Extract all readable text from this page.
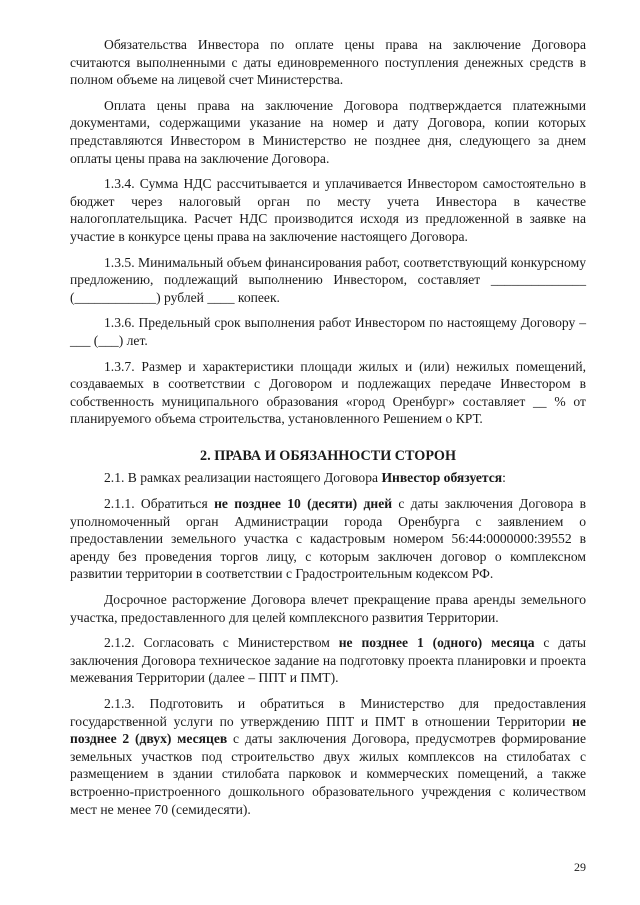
Обязательства Инвестора по оплате цены права на заключение Договора считаются выполненными с даты единовременного поступления денежных средств в полном объеме на лицевой счет Министерства.

Оплата цены права на заключение Договора подтверждается платежными документами, содержащими указание на номер и дату Договора, копии которых представляются Инвестором в Министерство не позднее дня, следующего за днем оплаты цены права на заключение Договора.

1.3.4. Сумма НДС рассчитывается и уплачивается Инвестором самостоятельно в бюджет через налоговый орган по месту учета Инвестора в качестве налогоплательщика. Расчет НДС производится исходя из предложенной в заявке на участие в конкурсе цены права на заключение настоящего Договора.

1.3.5. Минимальный объем финансирования работ, соответствующий конкурсному предложению, подлежащий выполнению Инвестором, составляет ______________ (____________) рублей ____ копеек.

1.3.6. Предельный срок выполнения работ Инвестором по настоящему Договору – ___ (___) лет.

1.3.7. Размер и характеристики площади жилых и (или) нежилых помещений, создаваемых в соответствии с Договором и подлежащих передаче Инвестором в собственность муниципального образования «город Оренбург» составляет __ % от планируемого объема строительства, установленного Решением о КРТ.

2. ПРАВА И ОБЯЗАННОСТИ СТОРОН

2.1. В рамках реализации настоящего Договора Инвестор обязуется:

2.1.1. Обратиться не позднее 10 (десяти) дней с даты заключения Договора в уполномоченный орган Администрации города Оренбурга с заявлением о предоставлении земельного участка с кадастровым номером 56:44:0000000:39552 в аренду без проведения торгов лицу, с которым заключен договор о комплексном развитии территории в соответствии с Градостроительным кодексом РФ.

Досрочное расторжение Договора влечет прекращение права аренды земельного участка, предоставленного для целей комплексного развития Территории.

2.1.2. Согласовать с Министерством не позднее 1 (одного) месяца с даты заключения Договора техническое задание на подготовку проекта планировки и проекта межевания Территории (далее – ППТ и ПМТ).

2.1.3. Подготовить и обратиться в Министерство для предоставления государственной услуги по утверждению ППТ и ПМТ в отношении Территории не позднее 2 (двух) месяцев с даты заключения Договора, предусмотрев формирование земельных участков под строительство двух жилых комплексов на стилобатах с размещением в здании стилобата парковок и коммерческих помещений, а также встроенно-пристроенного дошкольного образовательного учреждения с количеством мест не менее 70 (семидесяти).

29
